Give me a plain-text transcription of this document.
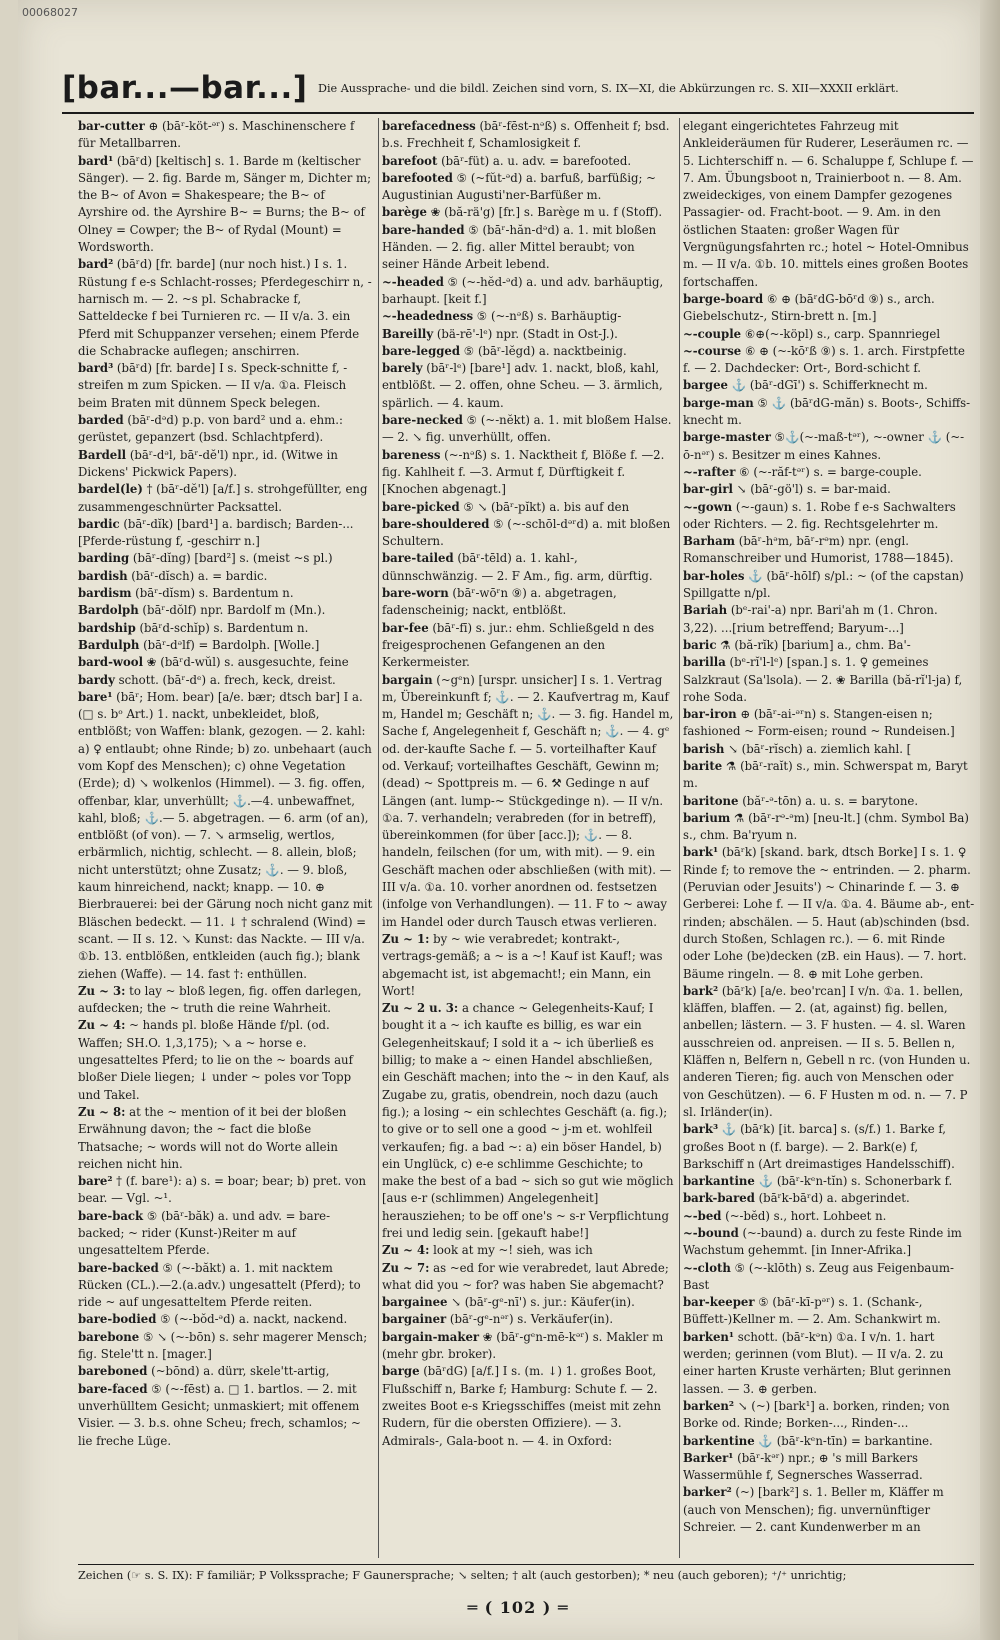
00068027
[bar...—bar...] Die Aussprache- und die bildl. Zeichen sind vorn, S. IX—XI, die Abkürzungen rc. S. XII—XXXII erklärt.

bar-cutter ⊕ (bāʳ-köt-ᵊʳ) s. Maschinenschere f für Metallbarren.

bard¹ (bāʳd) [keltisch] s. 1. Barde m (keltischer Sänger). — 2. fig. Barde m, Sänger m, Dichter m; the B~ of Avon = Shakespeare; the B~ of Ayrshire od. the Ayrshire B~ = Burns; the B~ of Olney = Cowper; the B~ of Rydal (Mount) = Wordsworth.

bard² (bāʳd) [fr. barde] (nur noch hist.) I s. 1. Rüstung f e-s Schlacht-rosses; Pferdegeschirr n, -harnisch m. — 2. ~s pl. Schabracke f, Satteldecke f bei Turnieren rc. — II v/a. 3. ein Pferd mit Schuppanzer versehen; einem Pferde die Schabracke auflegen; anschirren.

bard³ (bāʳd) [fr. barde] I s. Speck-schnitte f, -streifen m zum Spicken. — II v/a. ①a. Fleisch beim Braten mit dünnem Speck belegen.

barded (bāʳ-dᵊd) p.p. von bard² und a. ehm.: gerüstet, gepanzert (bsd. Schlachtpferd).

Bardell (bāʳ-dᵊl, bāʳ-dĕ'l) npr., id. (Witwe in Dickens' Pickwick Papers).

bardel(le) † (bāʳ-dĕ'l) [a/f.] s. strohgefüllter, eng zusammengeschnürter Packsattel.

bardic (bāʳ-dĭk) [bard¹] a. bardisch; Barden-... [Pferde-rüstung f, -geschirr n.]

barding (bāʳ-dĭng) [bard²] s. (meist ~s pl.)

bardish (bāʳ-dĭsch) a. = bardic.

bardism (bāʳ-dĭsm) s. Bardentum n.

Bardolph (bāʳ-dŏlf) npr. Bardolf m (Mn.).

bardship (bāʳd-schĭp) s. Bardentum n.

Bardulph (bāʳ-dᵊlf) = Bardolph. [Wolle.]

bard-wool ❀ (bāʳd-wŭl) s. ausgesuchte, feine

bardy schott. (bāʳ-dᵉ) a. frech, keck, dreist.

bare¹ (bāʳ; Hom. bear) [a/e. bær; dtsch bar] I a. (□ s. bᵒ Art.) 1. nackt, unbekleidet, bloß, entblößt; von Waffen: blank, gezogen. — 2. kahl: a) ♀ entlaubt; ohne Rinde; b) zo. unbehaart (auch vom Kopf des Menschen); c) ohne Vegetation (Erde); d) ↘ wolkenlos (Himmel). — 3. fig. offen, offenbar, klar, unverhüllt; ⚓.—4. unbewaffnet, kahl, bloß; ⚓.— 5. abgetragen. — 6. arm (of an), entblößt (of von). — 7. ↘ armselig, wertlos, erbärmlich, nichtig, schlecht. — 8. allein, bloß; nicht unterstützt; ohne Zusatz; ⚓. — 9. bloß, kaum hinreichend, nackt; knapp. — 10. ⊕ Bierbrauerei: bei der Gärung noch nicht ganz mit Bläschen bedeckt. — 11. ↓ † schralend (Wind) = scant. — II s. 12. ↘ Kunst: das Nackte. — III v/a. ①b. 13. entblößen, entkleiden (auch fig.); blank ziehen (Waffe). — 14. fast †: enthüllen.

Zu ~ 3: to lay ~ bloß legen, fig. offen darlegen, aufdecken; the ~ truth die reine Wahrheit.

Zu ~ 4: ~ hands pl. bloße Hände f/pl. (od. Waffen; SH.O. 1,3,175); ↘ a ~ horse e. ungesatteltes Pferd; to lie on the ~ boards auf bloßer Diele liegen; ↓ under ~ poles vor Topp und Takel.

Zu ~ 8: at the ~ mention of it bei der bloßen Erwähnung davon; the ~ fact die bloße Thatsache; ~ words will not do Worte allein reichen nicht hin.

bare² † (f. bare¹): a) s. = boar; bear; b) pret. von bear. — Vgl. ~¹.

bare-back ⑤ (bāʳ-băk) a. und adv. = bare-backed; ~ rider (Kunst-)Reiter m auf ungesatteltem Pferde.

bare-backed ⑤ (~-băkt) a. 1. mit nacktem Rücken (CL.).—2.(a.adv.) ungesattelt (Pferd); to ride ~ auf ungesatteltem Pferde reiten.

bare-bodied ⑤ (~-bŏd-ᵊd) a. nackt, nackend.

barebone ⑤ ↘ (~-bōn) s. sehr magerer Mensch; fig. Stele'tt n. [mager.]

bareboned (~bōnd) a. dürr, skele'tt-artig,

bare-faced ⑤ (~-fēst) a. □ 1. bartlos. — 2. mit unverhülltem Gesicht; unmaskiert; mit offenem Visier. — 3. b.s. ohne Scheu; frech, schamlos; ~ lie freche Lüge.

barefacedness (bāʳ-fēst-nᵊß) s. Offenheit f; bsd. b.s. Frechheit f, Schamlosigkeit f.

barefoot (bāʳ-füt) a. u. adv. = barefooted.

barefooted ⑤ (~fŭt-ᵊd) a. barfuß, barfüßig; ~ Augustinian Augusti'ner-Barfüßer m.

barège ❀ (bă-rä'g) [fr.] s. Barège m u. f (Stoff).

bare-handed ⑤ (bāʳ-hăn-dᵊd) a. 1. mit bloßen Händen. — 2. fig. aller Mittel beraubt; von seiner Hände Arbeit lebend.

~-headed ⑤ (~-hĕd-ᵊd) a. und adv. barhäuptig, barhaupt. [keit f.]

~-headedness ⑤ (~-nᵊß) s. Barhäuptig-

Bareilly (bä-rē'-lᵉ) npr. (Stadt in Ost-J.).

bare-legged ⑤ (bāʳ-lĕgd) a. nacktbeinig.

barely (bāʳ-lᵉ) [bare¹] adv. 1. nackt, bloß, kahl, entblößt. — 2. offen, ohne Scheu. — 3. ärmlich, spärlich. — 4. kaum.

bare-necked ⑤ (~-nĕkt) a. 1. mit bloßem Halse. — 2. ↘ fig. unverhüllt, offen.

bareness (~-nᵊß) s. 1. Nacktheit f, Blöße f. —2. fig. Kahlheit f. —3. Armut f, Dürftigkeit f. [Knochen abgenagt.]

bare-picked ⑤ ↘ (bāʳ-pĭkt) a. bis auf den

bare-shouldered ⑤ (~-schōl-dᵊʳd) a. mit bloßen Schultern.

bare-tailed (bāʳ-tēld) a. 1. kahl-, dünnschwänzig. — 2. F Am., fig. arm, dürftig.

bare-worn (bāʳ-wōʳn ⑨) a. abgetragen, fadenscheinig; nackt, entblößt.

bar-fee (bāʳ-fī) s. jur.: ehm. Schließgeld n des freigesprochenen Gefangenen an den Kerkermeister.

bargain (~gᵉn) [urspr. unsicher] I s. 1. Vertrag m, Übereinkunft f; ⚓. — 2. Kaufvertrag m, Kauf m, Handel m; Geschäft n; ⚓. — 3. fig. Handel m, Sache f, Angelegenheit f, Geschäft n; ⚓. — 4. gᵉ od. der-kaufte Sache f. — 5. vorteilhafter Kauf od. Verkauf; vorteilhaftes Geschäft, Gewinn m; (dead) ~ Spottpreis m. — 6. ⚒ Gedinge n auf Längen (ant. lump-~ Stückgedinge n). — II v/n. ①a. 7. verhandeln; verabreden (for in betreff), übereinkommen (for über [acc.]); ⚓. — 8. handeln, feilschen (for um, with mit). — 9. ein Geschäft machen oder abschließen (with mit). — III v/a. ①a. 10. vorher anordnen od. festsetzen (infolge von Verhandlungen). — 11. F to ~ away im Handel oder durch Tausch etwas verlieren.

Zu ~ 1: by ~ wie verabredet; kontrakt-, vertrags-gemäß; a ~ is a ~! Kauf ist Kauf!; was abgemacht ist, ist abgemacht!; ein Mann, ein Wort!

Zu ~ 2 u. 3: a chance ~ Gelegenheits-Kauf; I bought it a ~ ich kaufte es billig, es war ein Gelegenheitskauf; I sold it a ~ ich überließ es billig; to make a ~ einen Handel abschließen, ein Geschäft machen; into the ~ in den Kauf, als Zugabe zu, gratis, obendrein, noch dazu (auch fig.); a losing ~ ein schlechtes Geschäft (a. fig.); to give or to sell one a good ~ j-m et. wohlfeil verkaufen; fig. a bad ~: a) ein böser Handel, b) ein Unglück, c) e-e schlimme Geschichte; to make the best of a bad ~ sich so gut wie möglich [aus e-r (schlimmen) Angelegenheit] herausziehen; to be off one's ~ s-r Verpflichtung frei und ledig sein. [gekauft habe!]

Zu ~ 4: look at my ~! sieh, was ich

Zu ~ 7: as ~ed for wie verabredet, laut Abrede; what did you ~ for? was haben Sie abgemacht?

bargainee ↘ (bāʳ-gᵉ-nī') s. jur.: Käufer(in).

bargainer (bāʳ-gᵉ-nᵊʳ) s. Verkäufer(in).

bargain-maker ❀ (bāʳ-gᵉn-mē-kᵊʳ) s. Makler m (mehr gbr. broker).

barge (bāʳdG) [a/f.] I s. (m. ↓) 1. großes Boot, Flußschiff n, Barke f; Hamburg: Schute f. — 2. zweites Boot e-s Kriegsschiffes (meist mit zehn Rudern, für die obersten Offiziere). — 3. Admirals-, Gala-boot n. — 4. in Oxford:

elegant eingerichtetes Fahrzeug mit Ankleideräumen für Ruderer, Leseräumen rc. — 5. Lichterschiff n. — 6. Schaluppe f, Schlupe f. — 7. Am. Übungsboot n, Trainierboot n. — 8. Am. zweideckiges, von einem Dampfer gezogenes Passagier- od. Fracht-boot. — 9. Am. in den östlichen Staaten: großer Wagen für Vergnügungsfahrten rc.; hotel ~ Hotel-Omnibus m. — II v/a. ①b. 10. mittels eines großen Bootes fortschaffen.

barge-board ⑥ ⊕ (bāʳdG-bōʳd ⑨) s., arch. Giebelschutz-, Stirn-brett n. [m.]

~-couple ⑥⊕(~-köpl) s., carp. Spannriegel

~-course ⑥ ⊕ (~-kōʳß ⑨) s. 1. arch. Firstpfette f. — 2. Dachdecker: Ort-, Bord-schicht f.

bargee ⚓ (bāʳ-dGī') s. Schifferknecht m.

barge-man ⑤ ⚓ (bāʳdG-măn) s. Boots-, Schiffs-knecht m.

barge-master ⑤⚓(~-maß-tᵊʳ), ~-owner ⚓ (~-ō-nᵊʳ) s. Besitzer m eines Kahnes.

~-rafter ⑥ (~-răf-tᵊʳ) s. = barge-couple.

bar-girl ↘ (bāʳ-gö'l) s. = bar-maid.

~-gown (~-gaun) s. 1. Robe f e-s Sachwalters oder Richters. — 2. fig. Rechtsgelehrter m.

Barham (bāʳ-hᵊm, bāʳ-rᵊm) npr. (engl. Romanschreiber und Humorist, 1788—1845).

bar-holes ⚓ (bāʳ-hōlf) s/pl.: ~ (of the capstan) Spillgatte n/pl.

Bariah (bᵉ-rai'-a) npr. Bari'ah m (1. Chron. 3,22). ...[rium betreffend; Baryum-...]

baric ⚗ (bă-rĭk) [barium] a., chm. Ba'-

barilla (bᵉ-rĭ'l-lᵉ) [span.] s. 1. ♀ gemeines Salzkraut (Sa'lsola). — 2. ❀ Barilla (bă-rĭ'l-ja) f, rohe Soda.

bar-iron ⊕ (bāʳ-ai-ᵊʳn) s. Stangen-eisen n; fashioned ~ Form-eisen; round ~ Rundeisen.]

barish ↘ (bāʳ-rĭsch) a. ziemlich kahl. [

barite ⚗ (bāʳ-raĭt) s., min. Schwerspat m, Baryt m.

baritone (băʳ-ᵊ-tōn) a. u. s. = barytone.

barium ⚗ (bāʳ-rᵊ-ᵊm) [neu-lt.] (chm. Symbol Ba) s., chm. Ba'ryum n.

bark¹ (bāʳk) [skand. bark, dtsch Borke] I s. 1. ♀ Rinde f; to remove the ~ entrinden. — 2. pharm. (Peruvian oder Jesuits') ~ Chinarinde f. — 3. ⊕ Gerberei: Lohe f. — II v/a. ①a. 4. Bäume ab-, ent-rinden; abschälen. — 5. Haut (ab)schinden (bsd. durch Stoßen, Schlagen rc.). — 6. mit Rinde oder Lohe (be)decken (zB. ein Haus). — 7. hort. Bäume ringeln. — 8. ⊕ mit Lohe gerben.

bark² (bāʳk) [a/e. beo'rcan] I v/n. ①a. 1. bellen, kläffen, blaffen. — 2. (at, against) fig. bellen, anbellen; lästern. — 3. F husten. — 4. sl. Waren ausschreien od. anpreisen. — II s. 5. Bellen n, Kläffen n, Belfern n, Gebell n rc. (von Hunden u. anderen Tieren; fig. auch von Menschen oder von Geschützen). — 6. F Husten m od. n. — 7. P sl. Irländer(in).

bark³ ⚓ (bāʳk) [it. barca] s. (s/f.) 1. Barke f, großes Boot n (f. barge). — 2. Bark(e) f, Barkschiff n (Art dreimastiges Handelsschiff).

barkantine ⚓ (bāʳ-kᵉn-tĭn) s. Schonerbark f.

bark-bared (bāʳk-bāʳd) a. abgerindet.

~-bed (~-bĕd) s., hort. Lohbeet n.

~-bound (~-baund) a. durch zu feste Rinde im Wachstum gehemmt. [in Inner-Afrika.]

~-cloth ⑤ (~-klōth) s. Zeug aus Feigenbaum-Bast

bar-keeper ⑤ (bāʳ-kī-pᵊʳ) s. 1. (Schank-, Büffett-)Kellner m. — 2. Am. Schankwirt m.

barken¹ schott. (bāʳ-kᵊn) ①a. I v/n. 1. hart werden; gerinnen (vom Blut). — II v/a. 2. zu einer harten Kruste verhärten; Blut gerinnen lassen. — 3. ⊕ gerben.

barken² ↘ (~) [bark¹] a. borken, rinden; von Borke od. Rinde; Borken-..., Rinden-...

barkentine ⚓ (bāʳ-kᵉn-tīn) = barkantine.

Barker¹ (bāʳ-kᵊʳ) npr.; ⊕ 's mill Barkers Wassermühle f, Segnersches Wasserrad.

barker² (~) [bark²] s. 1. Beller m, Kläffer m (auch von Menschen); fig. unvernünftiger Schreier. — 2. cant Kundenwerber m an

Zeichen (☞ s. S. IX): F familiär; P Volkssprache; F Gaunersprache; ↘ selten; † alt (auch gestorben); * neu (auch geboren); ⁺/⁺ unrichtig;
═ ( 102 ) ═
